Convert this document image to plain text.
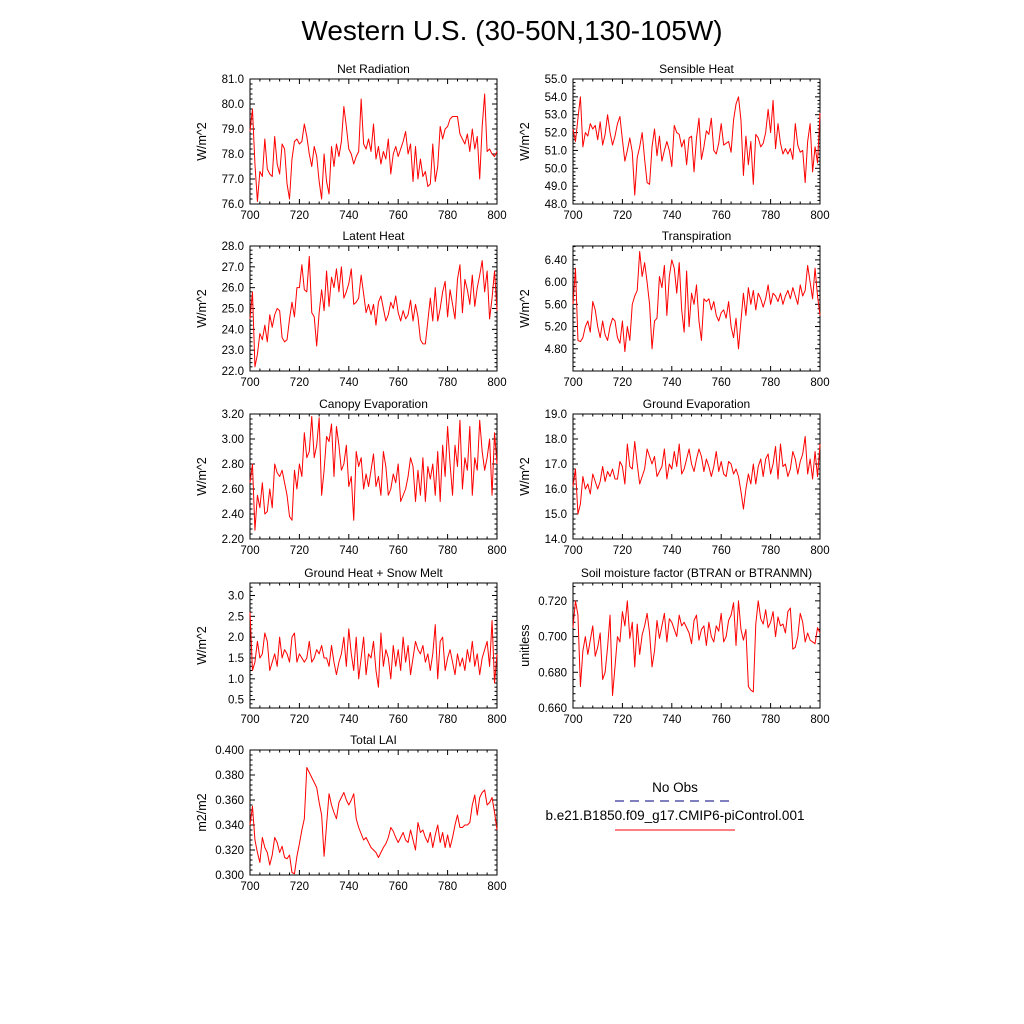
Western U.S. (30-50N,130-105W)
Net Radiation
W/m^2
700	720	740	760	780	800
76.0
77.0
78.0
79.0
80.0
81.0
Sensible Heat
W/m^2
700	720	740	760	780	800
48.0
49.0
50.0
51.0
52.0
53.0
54.0
55.0
Latent Heat
W/m^2
700	720	740	760	780	800
22.0
23.0
24.0
25.0
26.0
27.0
28.0
Transpiration
W/m^2
700	720	740	760	780	800
4.80
5.20
5.60
6.00
6.40
Canopy Evaporation
W/m^2
700	720	740	760	780	800
2.20
2.40
2.60
2.80
3.00
3.20
Ground Evaporation
W/m^2
700	720	740	760	780	800
14.0
15.0
16.0
17.0
18.0
19.0
Ground Heat + Snow Melt
W/m^2
700	720	740	760	780	800
0.5
1.0
1.5
2.0
2.5
3.0
Soil moisture factor (BTRAN or BTRANMN)
unitless
700	720	740	760	780	800
0.660
0.680
0.700
0.720
Total LAI
m2/m2
700	720	740	760	780	800
0.300
0.320
0.340
0.360
0.380
0.400
No Obs
b.e21.B1850.f09_g17.CMIP6-piControl.001
